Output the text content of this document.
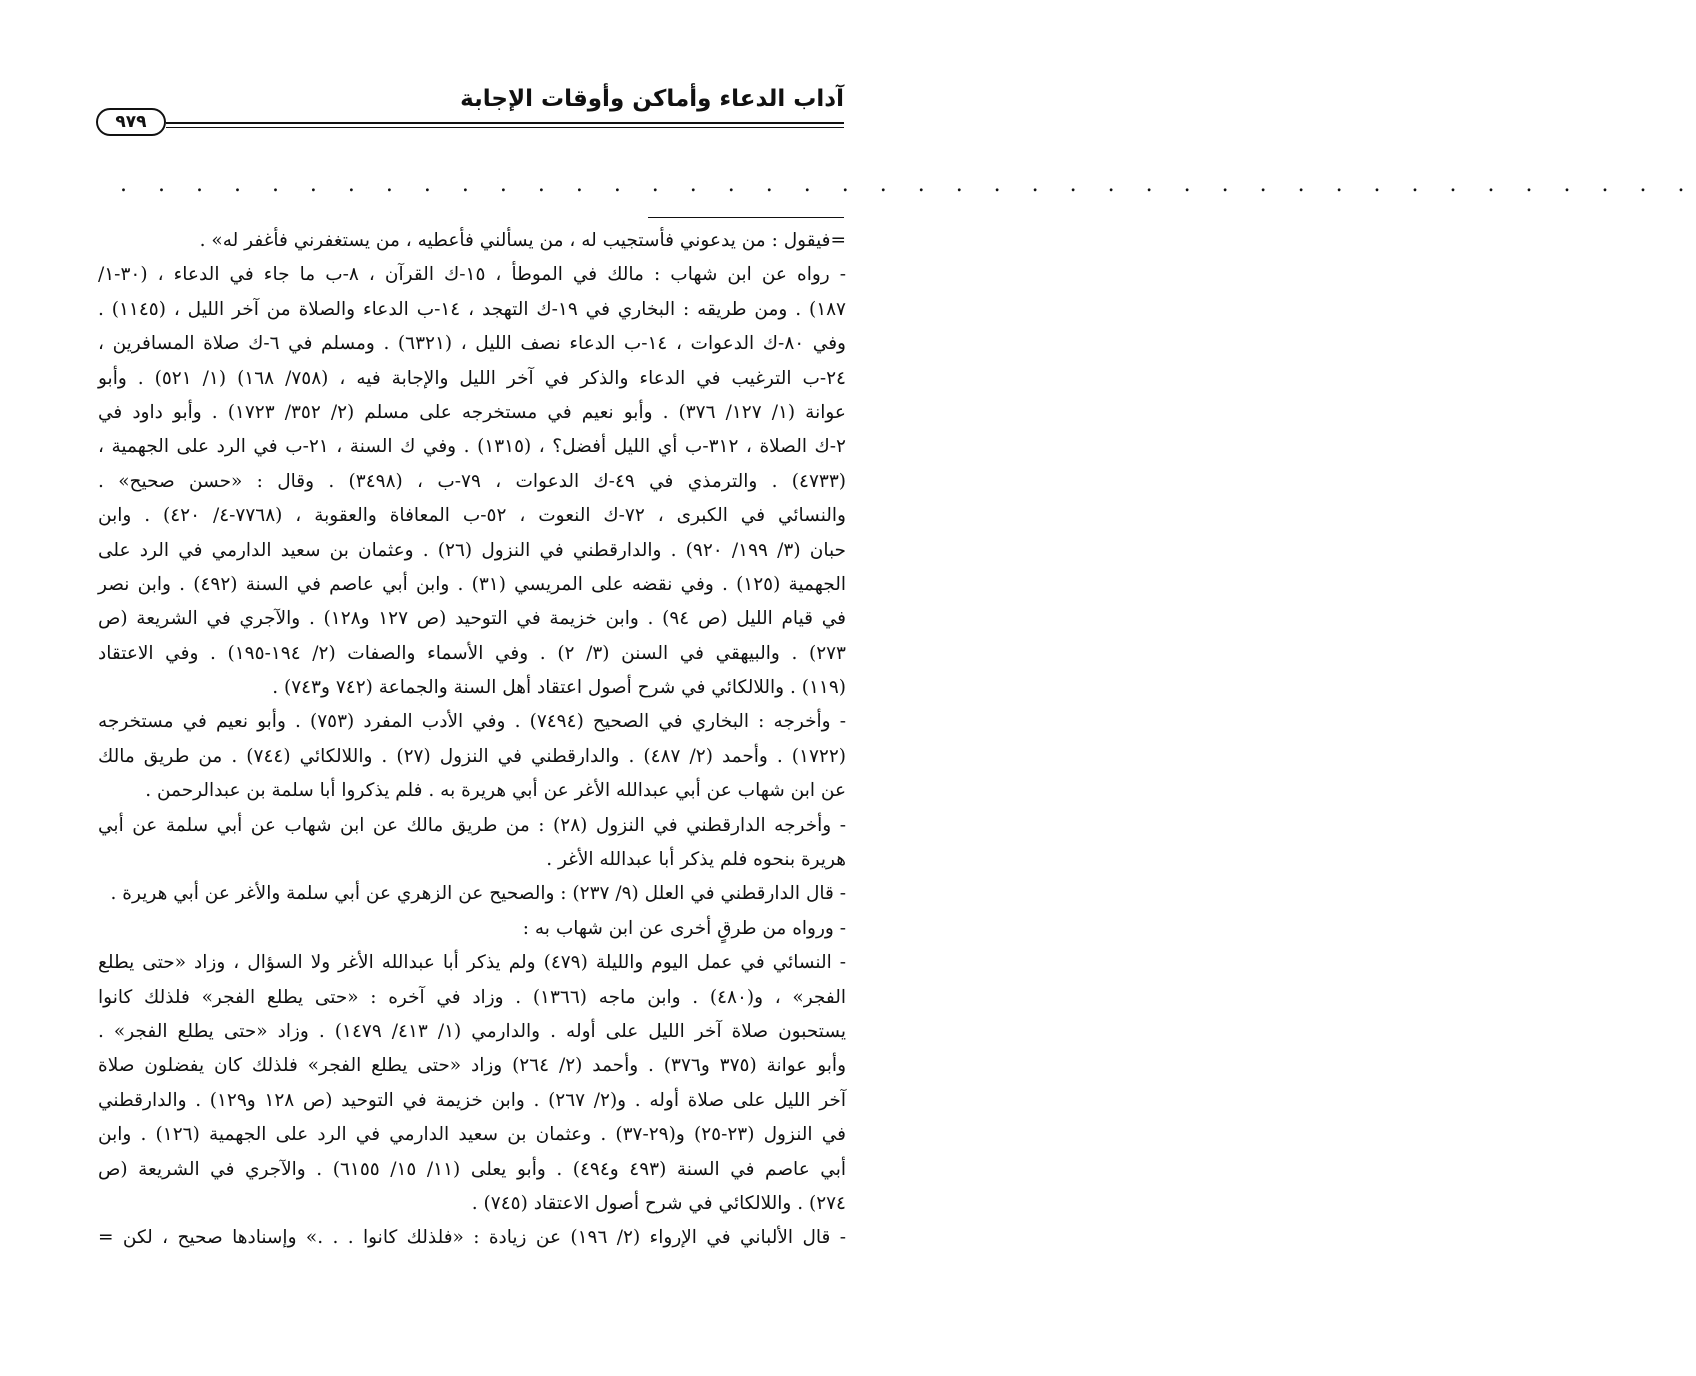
آداب الدعاء وأماكن وأوقات الإجابة
٩٧٩
. . . . . . . . . . . . . . . . . . . . . . . . . . . . . . . . . . . . . . . . . .
=فيقول : من يدعوني فأستجيب له ، من يسألني فأعطيه ، من يستغفرني فأغفر له» .
- رواه عن ابن شهاب : مالك في الموطأ ، ١٥-ك القرآن ، ٨-ب ما جاء في الدعاء ، (٣٠-١/
١٨٧) . ومن طريقه : البخاري في ١٩-ك التهجد ، ١٤-ب الدعاء والصلاة من آخر الليل ، (١١٤٥) .
وفي ٨٠-ك الدعوات ، ١٤-ب الدعاء نصف الليل ، (٦٣٢١) . ومسلم في ٦-ك صلاة المسافرين ،
٢٤-ب الترغيب في الدعاء والذكر في آخر الليل والإجابة فيه ، (٧٥٨/ ١٦٨) (١/ ٥٢١) . وأبو
عوانة (١/ ١٢٧/ ٣٧٦) . وأبو نعيم في مستخرجه على مسلم (٢/ ٣٥٢/ ١٧٢٣) . وأبو داود في
٢-ك الصلاة ، ٣١٢-ب أي الليل أفضل؟ ، (١٣١٥) . وفي ك السنة ، ٢١-ب في الرد على الجهمية ،
(٤٧٣٣) . والترمذي في ٤٩-ك الدعوات ، ٧٩-ب ، (٣٤٩٨) . وقال : «حسن صحيح» .
والنسائي في الكبرى ، ٧٢-ك النعوت ، ٥٢-ب المعافاة والعقوبة ، (٧٧٦٨-٤/ ٤٢٠) . وابن
حبان (٣/ ١٩٩/ ٩٢٠) . والدارقطني في النزول (٢٦) . وعثمان بن سعيد الدارمي في الرد على
الجهمية (١٢٥) . وفي نقضه على المريسي (٣١) . وابن أبي عاصم في السنة (٤٩٢) . وابن نصر
في قيام الليل (ص ٩٤) . وابن خزيمة في التوحيد (ص ١٢٧ و١٢٨) . والآجري في الشريعة (ص
٢٧٣) . والبيهقي في السنن (٣/ ٢) . وفي الأسماء والصفات (٢/ ١٩٤-١٩٥) . وفي الاعتقاد
(١١٩) . واللالكائي في شرح أصول اعتقاد أهل السنة والجماعة (٧٤٢ و٧٤٣) .
- وأخرجه : البخاري في الصحيح (٧٤٩٤) . وفي الأدب المفرد (٧٥٣) . وأبو نعيم في مستخرجه
(١٧٢٢) . وأحمد (٢/ ٤٨٧) . والدارقطني في النزول (٢٧) . واللالكائي (٧٤٤) . من طريق مالك
عن ابن شهاب عن أبي عبدالله الأغر عن أبي هريرة به . فلم يذكروا أبا سلمة بن عبدالرحمن .
- وأخرجه الدارقطني في النزول (٢٨) : من طريق مالك عن ابن شهاب عن أبي سلمة عن أبي
هريرة بنحوه فلم يذكر أبا عبدالله الأغر .
- قال الدارقطني في العلل (٩/ ٢٣٧) : والصحيح عن الزهري عن أبي سلمة والأغر عن أبي هريرة .
- ورواه من طرقٍ أخرى عن ابن شهاب به :
- النسائي في عمل اليوم والليلة (٤٧٩) ولم يذكر أبا عبدالله الأغر ولا السؤال ، وزاد «حتى يطلع
الفجر» ، و(٤٨٠) . وابن ماجه (١٣٦٦) . وزاد في آخره : «حتى يطلع الفجر» فلذلك كانوا
يستحبون صلاة آخر الليل على أوله . والدارمي (١/ ٤١٣/ ١٤٧٩) . وزاد «حتى يطلع الفجر» .
وأبو عوانة (٣٧٥ و٣٧٦) . وأحمد (٢/ ٢٦٤) وزاد «حتى يطلع الفجر» فلذلك كان يفضلون صلاة
آخر الليل على صلاة أوله . و(٢/ ٢٦٧) . وابن خزيمة في التوحيد (ص ١٢٨ و١٢٩) . والدارقطني
في النزول (٢٣-٢٥) و(٢٩-٣٧) . وعثمان بن سعيد الدارمي في الرد على الجهمية (١٢٦) . وابن
أبي عاصم في السنة (٤٩٣ و٤٩٤) . وأبو يعلى (١١/ ١٥/ ٦١٥٥) . والآجري في الشريعة (ص
٢٧٤) . واللالكائي في شرح أصول الاعتقاد (٧٤٥) .
- قال الألباني في الإرواء (٢/ ١٩٦) عن زيادة : «فلذلك كانوا . . .» وإسنادها صحيح ، لكن =
